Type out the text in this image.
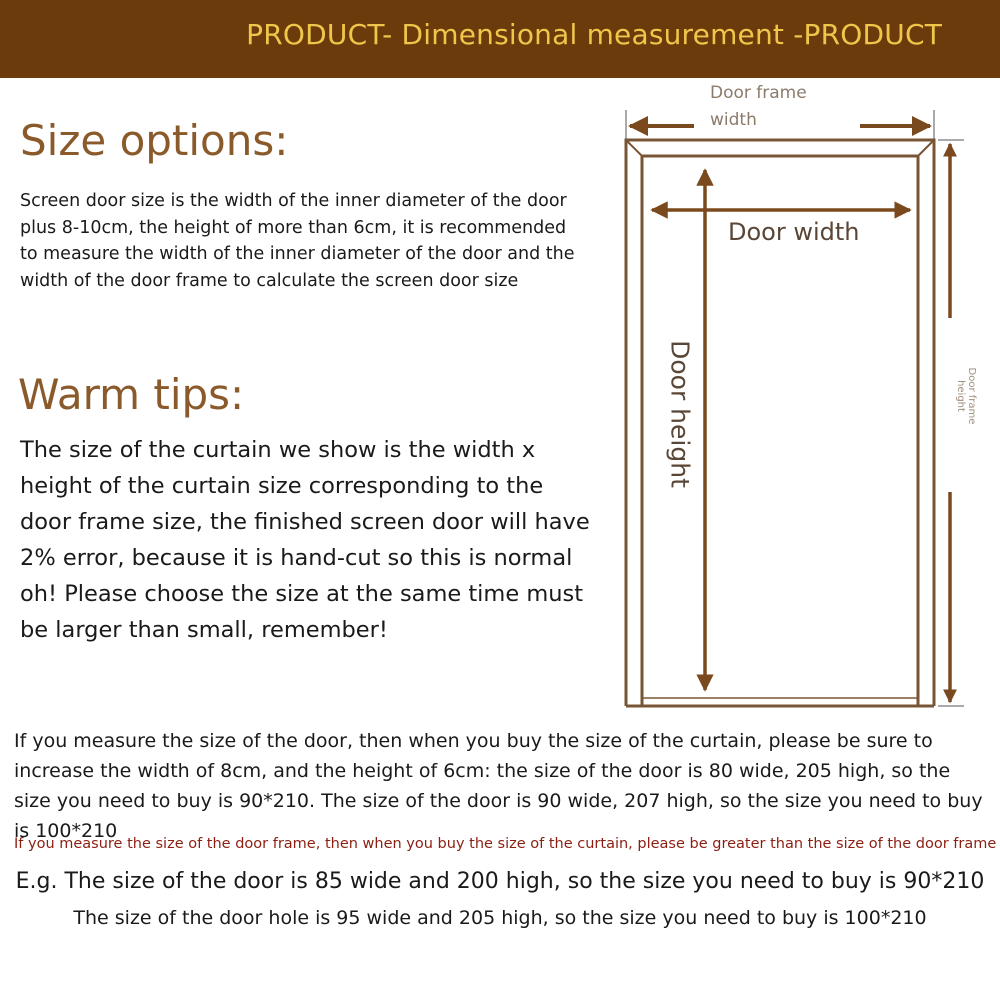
PRODUCT- Dimensional measurement -PRODUCT
Size options:
Screen door size is the width of the inner diameter of the door plus 8-10cm, the height of more than 6cm, it is recommended to measure the width of the inner diameter of the door and the width of the door frame to calculate the screen door size
Warm tips:
The size of the curtain we show is the width x height of the curtain size corresponding to the door frame size, the finished screen door will have 2% error, because it is hand-cut so this is normal oh! Please choose the size at the same time must be larger than small, remember!
Door frame width
Door width
Door height	Door frame height
If you measure the size of the door, then when you buy the size of the curtain, please be sure to increase the width of 8cm, and the height of 6cm: the size of the door is 80 wide, 205 high, so the size you need to buy is 90*210. The size of the door is 90 wide, 207 high, so the size you need to buy is 100*210
If you measure the size of the door frame, then when you buy the size of the curtain, please be greater than the size of the door frame
E.g. The size of the door is 85 wide and 200 high, so the size you need to buy is 90*210
The size of the door hole is 95 wide and 205 high, so the size you need to buy is 100*210
